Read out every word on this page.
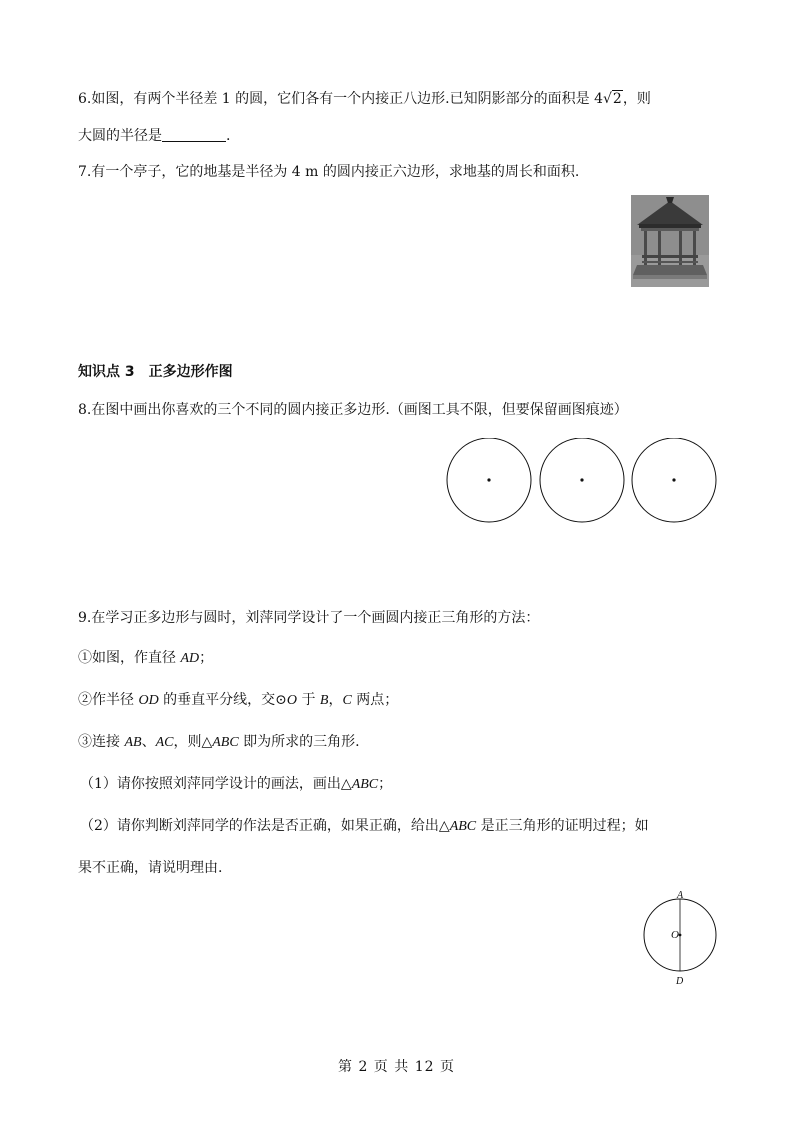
6.如图，有两个半径差 1 的圆，它们各有一个内接正八边形.已知阴影部分的面积是 4√2，则
大圆的半径是	.
7.有一个亭子，它的地基是半径为 4 m 的圆内接正六边形，求地基的周长和面积.
知识点 3　正多边形作图
8.在图中画出你喜欢的三个不同的圆内接正多边形.（画图工具不限，但要保留画图痕迹）
9.在学习正多边形与圆时，刘萍同学设计了一个画圆内接正三角形的方法：
①如图，作直径 AD；
②作半径 OD 的垂直平分线，交⊙O 于 B，C 两点；
③连接 AB、AC，则△ABC 即为所求的三角形.
（1）请你按照刘萍同学设计的画法，画出△ABC；
（2）请你判断刘萍同学的作法是否正确，如果正确，给出△ABC 是正三角形的证明过程；如
果不正确，请说明理由.
A
O
D
第 2 页 共 12 页
